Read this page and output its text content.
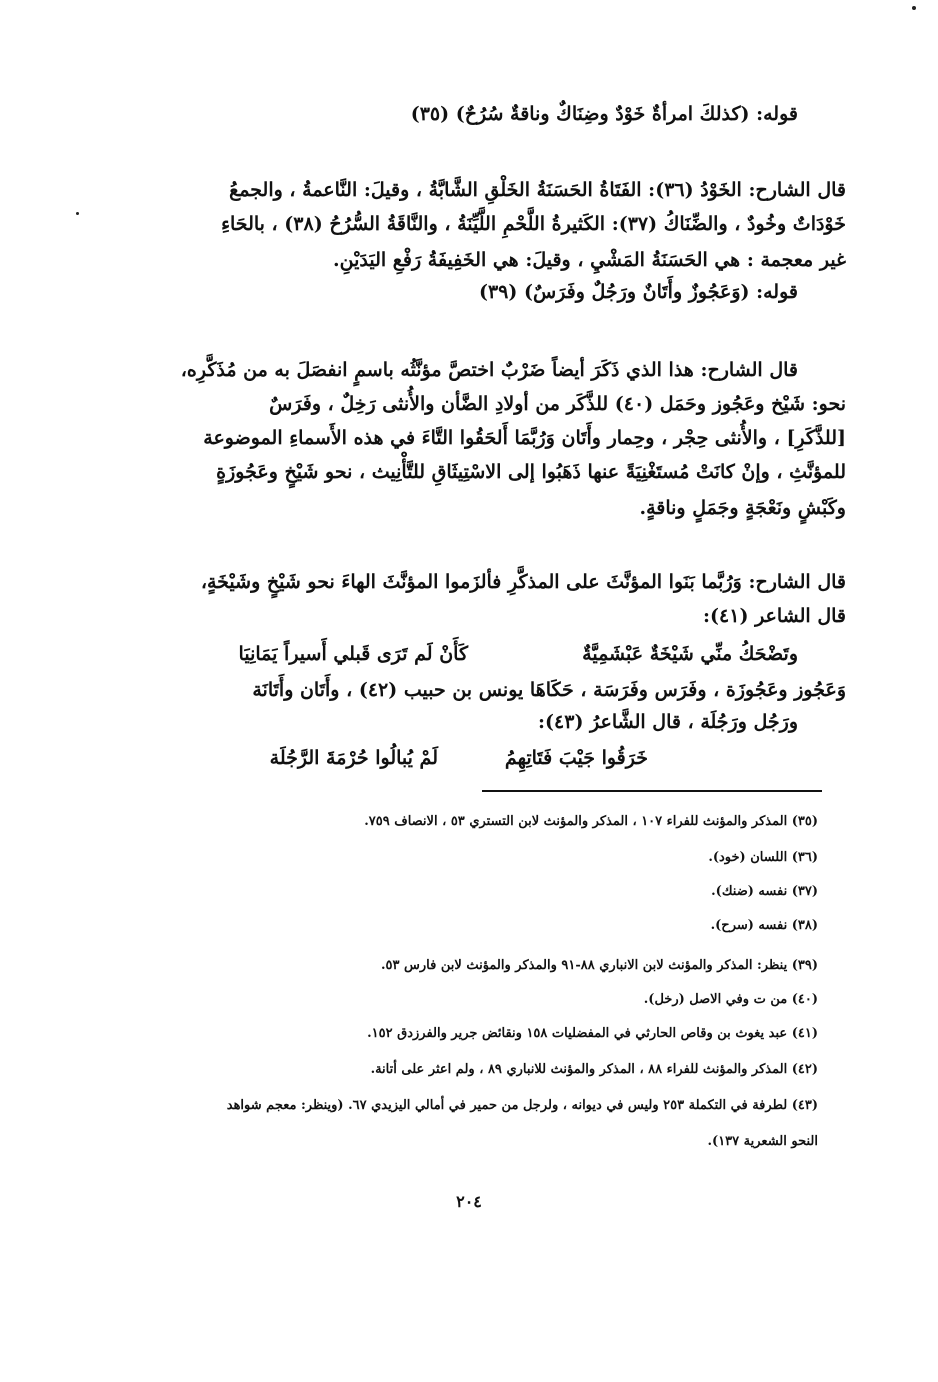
قوله: (كذلكَ امرأةٌ خَوْدٌ وضِنَاكٌ وناقةٌ سُرُحٌ) (٣٥)
قال الشارح: الخَوْدُ (٣٦): الفَتَاةُ الحَسَنَةُ الخَلْقِ الشَّابَّةُ ، وقيلَ: النَّاعمةُ ، والجمعُ
خَوْدَاتٌ وخُودٌ ، والضِّنَاكُ (٣٧): الكَثيرةُ اللَّحْمِ اللَّيِّنَةُ ، والنَّاقَةُ السُّرُحُ (٣٨) ، بالحَاءِ
غير معجمة : هي الحَسَنَةُ المَشْيِ ، وقيلَ: هي الخَفِيفَةُ رَفْعِ اليَدَيْنِ.
قوله: (وَعَجُوزٌ وأَتَانٌ ورَجُلٌ وفَرَسٌ) (٣٩)
قال الشارح: هذا الذي ذَكَرَ أيضاً ضَرْبٌ اختصَّ مؤنَّثُه باسمٍ انفصَلَ به من مُذَكَّرِه،
نحو: شَيْخ وعَجُوز وحَمَل (٤٠) للذَّكَر من أولادِ الضَّأن والأُنثى رَخِلٌ ، وفَرَسٌ
[للذَّكَرِ] ، والأُنثى حِجْر ، وحِمار وأَتَان وَرُبَّمَا أَلحَقُوا التَّاءَ في هذه الأَسماءِ الموضوعة
للمؤنَّثِ ، وإنْ كانَتْ مُستَغْنِيَةً عنها ذَهَبُوا إلى الاسْتِيثَاقِ للتَّأْنِيث ، نحو شَيْخٍ وعَجُوزَةٍ
وكَبْشٍ ونَعْجَةٍ وجَمَلٍ وناقةٍ.
قال الشارح: وَرُبَّما بَنَوا المؤنَّثَ على المذكَّرِ فألزَموا المؤنَّثَ الهاءَ نحو شَيْخٍ وشَيْخَةٍ،
قال الشاعر (٤١):
وتَضْحَكُ منِّي شَيْخَةٌ عَبْشَمِيَّةٌ
كَأَنْ لَم تَرَى قَبلي أَسيراً يَمَانِيَا
وَعَجُوز وعَجُوزَة ، وفَرَس وفَرَسَة ، حَكَاهَا يونس بن حبيب (٤٢) ، وأَتَان وأَتَانَة
ورَجُل ورَجُلَة ، قال الشَّاعرُ (٤٣):
خَرَقُوا جَيْبَ فَتَاتِهِمُ
لَمْ يُبالُوا حُرْمَةَ الرَّجُلَة
(٣٥) المذكر والمؤنث للفراء ١٠٧ ، المذكر والمؤنث لابن التستري ٥٣ ، الانصاف ٧٥٩.
(٣٦) اللسان (خود).
(٣٧) نفسه (ضنك).
(٣٨) نفسه (سرح).
(٣٩) ينظر: المذكر والمؤنث لابن الانباري ٨٨-٩١ والمذكر والمؤنث لابن فارس ٥٣.
(٤٠) من ت وفي الاصل (رخل).
(٤١) عبد يغوث بن وقاص الحارثي في المفضليات ١٥٨ ونقائض جرير والفرزدق ١٥٢.
(٤٢) المذكر والمؤنث للفراء ٨٨ ، المذكر والمؤنث للانباري ٨٩ ، ولم اعثر على أتانة.
(٤٣) لطرفة في التكملة ٢٥٣ وليس في ديوانه ، ولرجل من حمير في أمالي اليزيدي ٦٧. (وينظر: معجم شواهد
النحو الشعرية ١٣٧).
٢٠٤
